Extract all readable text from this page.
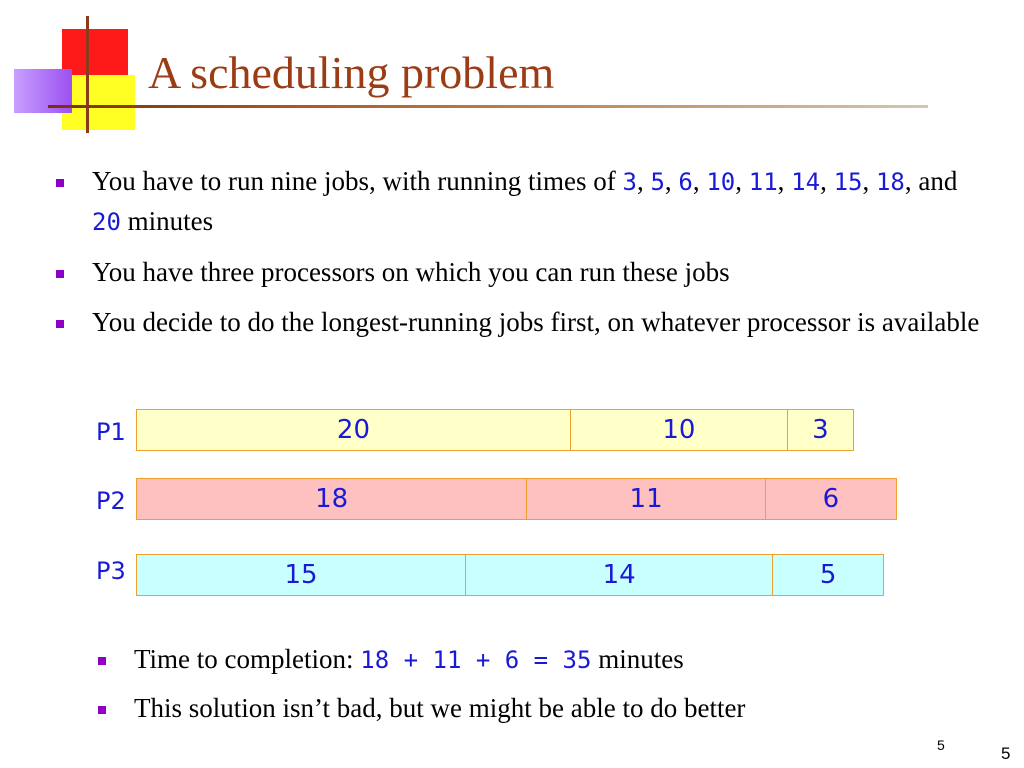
A scheduling problem
You have to run nine jobs, with running times of 3, 5, 6, 10, 11, 14, 15, 18, and 20 minutes
You have three processors on which you can run these jobs
You decide to do the longest-running jobs first, on whatever processor is available
P1	20	10	3
P2	18	11	6
P3	15	14	5
Time to completion: 18 + 11 + 6 = 35 minutes
This solution isn’t bad, but we might be able to do better
5	5
